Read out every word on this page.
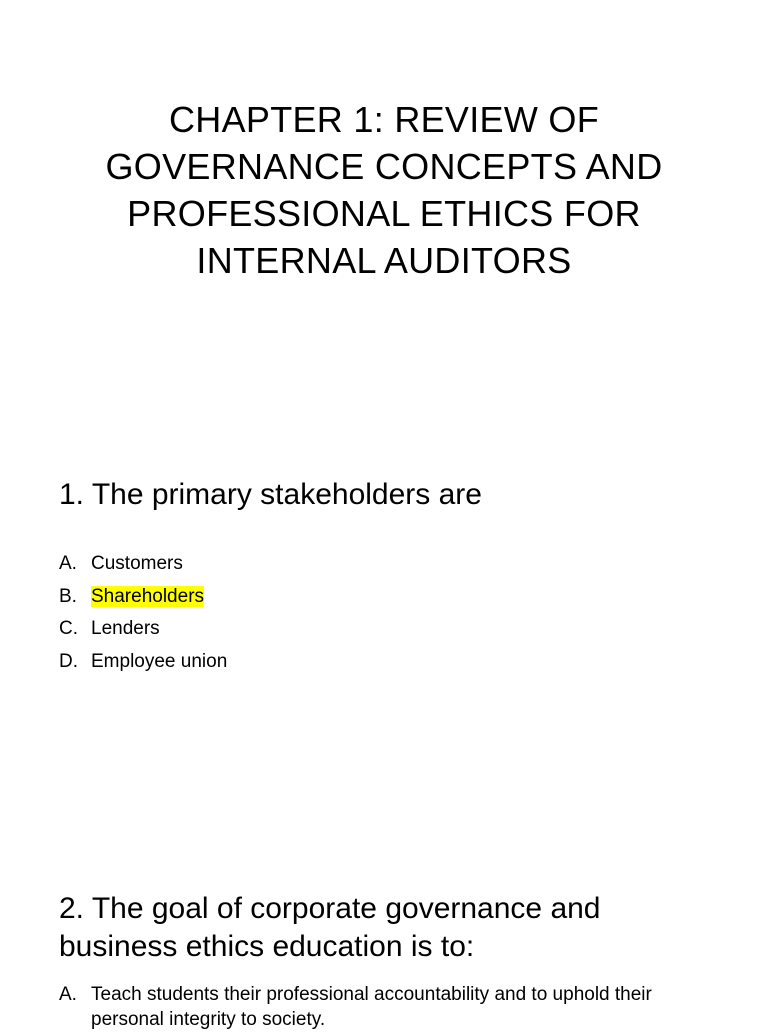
CHAPTER 1: REVIEW OF
GOVERNANCE CONCEPTS AND
PROFESSIONAL ETHICS FOR
INTERNAL AUDITORS
1. The primary stakeholders are
A. Customers
B. Shareholders
C. Lenders
D. Employee union
2. The goal of corporate governance and
business ethics education is to:
A. Teach students their professional accountability and to uphold their
personal integrity to society.
